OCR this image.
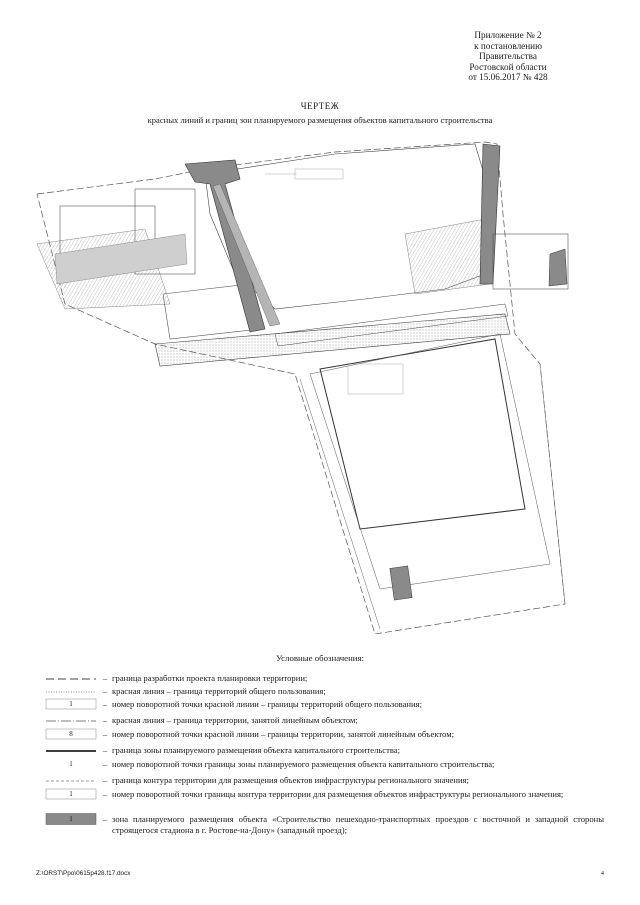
Приложение № 2
к постановлению
Правительства
Ростовской области
от 15.06.2017 № 428
ЧЕРТЕЖ
красных линий и границ зон планируемого размещения объектов капитального строительства
Условные обозначения:
– граница разработки проекта планировки территории;
– красная линия – граница территорий общего пользования;
1	– номер поворотной точки красной линии – границы территорий общего пользования;
– красная линия – граница территории, занятой линейным объектом;
8	– номер поворотной точки красной линии – границы территории, занятой линейным объектом;
– граница зоны планируемого размещения объекта капитального строительства;
1	– номер поворотной точки границы зоны планируемого размещения объекта капитального строительства;
– граница контура территории для размещения объектов инфраструктуры регионального значения;
1	– номер поворотной точки границы контура территории для размещения объектов инфраструктуры регионального значения;
1	– зона планируемого размещения объекта «Строительство пешеходно-транспортных проездов с восточной и западной стороны строящегося стадиона в г. Ростове-на-Дону» (западный проезд);
Z:\ORST\Ppo\0615p428.f17.docx	4
